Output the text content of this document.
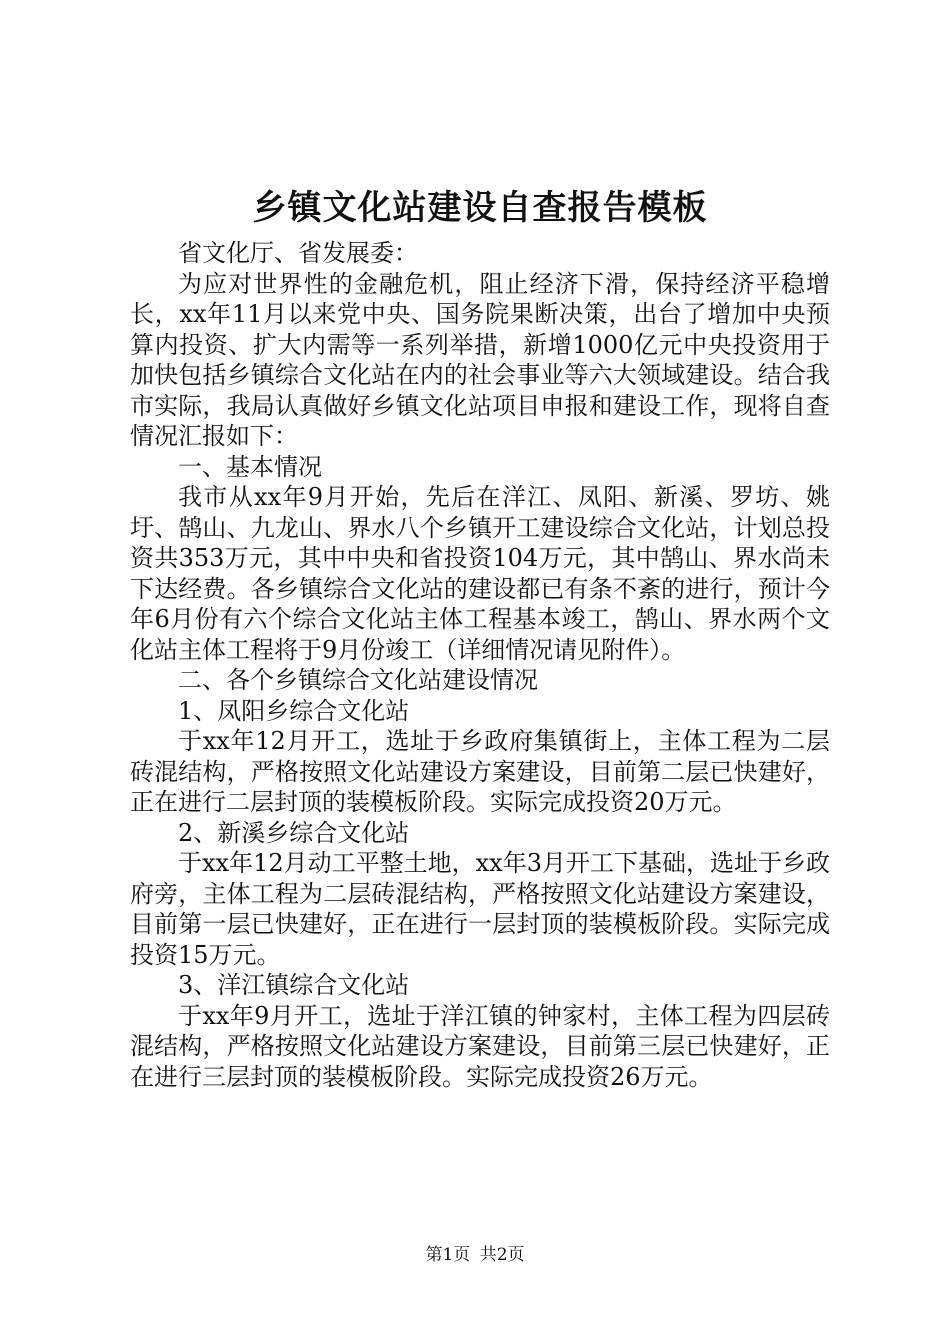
乡镇文化站建设自查报告模板

省文化厅、省发展委：

为应对世界性的金融危机，阻止经济下滑，保持经济平稳增长，xx年11月以来党中央、国务院果断决策，出台了增加中央预算内投资、扩大内需等一系列举措，新增1000亿元中央投资用于加快包括乡镇综合文化站在内的社会事业等六大领域建设。结合我市实际，我局认真做好乡镇文化站项目申报和建设工作，现将自查情况汇报如下：

一、基本情况

我市从xx年9月开始，先后在洋江、凤阳、新溪、罗坊、姚圩、鹄山、九龙山、界水八个乡镇开工建设综合文化站，计划总投资共353万元，其中中央和省投资104万元，其中鹄山、界水尚未下达经费。各乡镇综合文化站的建设都已有条不紊的进行，预计今年6月份有六个综合文化站主体工程基本竣工，鹄山、界水两个文化站主体工程将于9月份竣工（详细情况请见附件）。

二、各个乡镇综合文化站建设情况

1、凤阳乡综合文化站

于xx年12月开工，选址于乡政府集镇街上，主体工程为二层砖混结构，严格按照文化站建设方案建设，目前第二层已快建好，正在进行二层封顶的装模板阶段。实际完成投资20万元。

2、新溪乡综合文化站

于xx年12月动工平整土地，xx年3月开工下基础，选址于乡政府旁，主体工程为二层砖混结构，严格按照文化站建设方案建设，目前第一层已快建好，正在进行一层封顶的装模板阶段。实际完成投资15万元。

3、洋江镇综合文化站

于xx年9月开工，选址于洋江镇的钟家村，主体工程为四层砖混结构，严格按照文化站建设方案建设，目前第三层已快建好，正在进行三层封顶的装模板阶段。实际完成投资26万元。

第1页 共2页
